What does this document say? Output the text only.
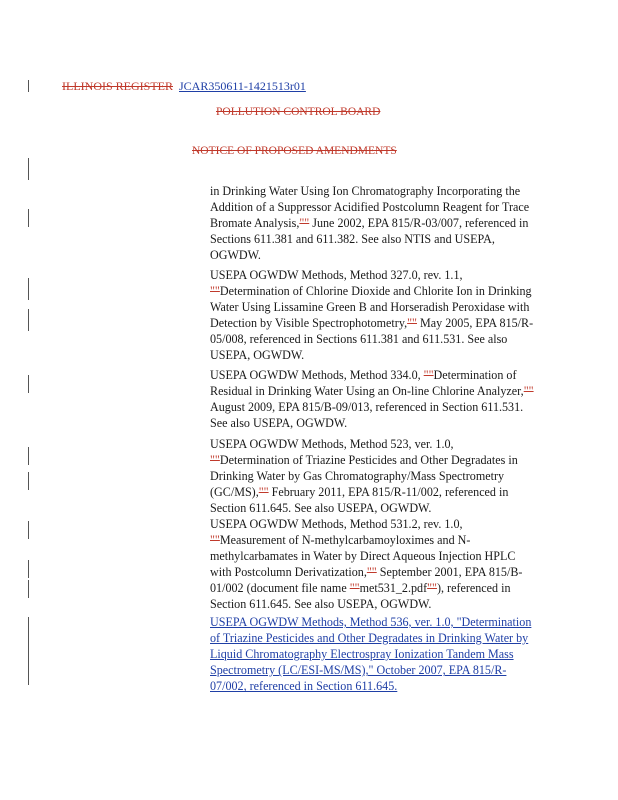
ILLINOIS REGISTER JCAR350611-1421513r01
POLLUTION CONTROL BOARD
NOTICE OF PROPOSED AMENDMENTS

in Drinking Water Using Ion Chromatography Incorporating the Addition of a Suppressor Acidified Postcolumn Reagent for Trace Bromate Analysis,"" June 2002, EPA 815/R-03/007, referenced in Sections 611.381 and 611.382. See also NTIS and USEPA, OGWDW.

USEPA OGWDW Methods, Method 327.0, rev. 1.1, ""Determination of Chlorine Dioxide and Chlorite Ion in Drinking Water Using Lissamine Green B and Horseradish Peroxidase with Detection by Visible Spectrophotometry,"" May 2005, EPA 815/R-05/008, referenced in Sections 611.381 and 611.531. See also USEPA, OGWDW.

USEPA OGWDW Methods, Method 334.0, ""Determination of Residual in Drinking Water Using an On-line Chlorine Analyzer,"" August 2009, EPA 815/B-09/013, referenced in Section 611.531. See also USEPA, OGWDW.

USEPA OGWDW Methods, Method 523, ver. 1.0, ""Determination of Triazine Pesticides and Other Degradates in Drinking Water by Gas Chromatography/Mass Spectrometry (GC/MS),"" February 2011, EPA 815/R-11/002, referenced in Section 611.645. See also USEPA, OGWDW.

USEPA OGWDW Methods, Method 531.2, rev. 1.0, ""Measurement of N-methylcarbamoyloximes and N-methylcarbamates in Water by Direct Aqueous Injection HPLC with Postcolumn Derivatization,"" September 2001, EPA 815/B-01/002 (document file name ""met531_2.pdf""), referenced in Section 611.645. See also USEPA, OGWDW.

USEPA OGWDW Methods, Method 536, ver. 1.0, "Determination of Triazine Pesticides and Other Degradates in Drinking Water by Liquid Chromatography Electrospray Ionization Tandem Mass Spectrometry (LC/ESI-MS/MS)," October 2007, EPA 815/R-07/002, referenced in Section 611.645.
